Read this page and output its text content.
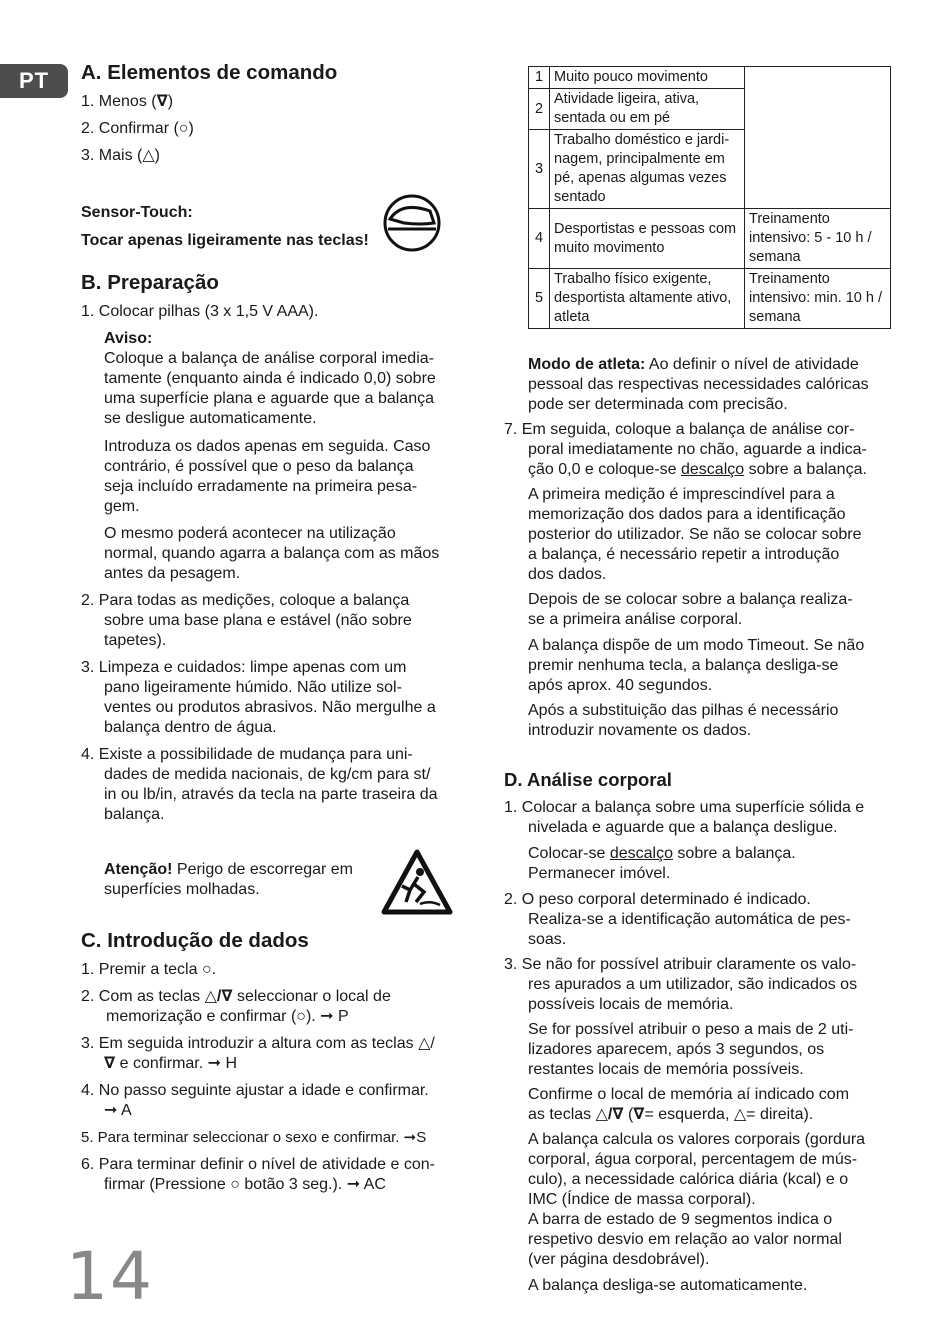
PT	A. Elementos de comando
1. Menos (∇)
2. Confirmar (○)
3. Mais (△)
Sensor-Touch:
Tocar apenas ligeiramente nas teclas!
B. Preparação
1. Colocar pilhas (3 x 1,5 V AAA).
Aviso:
Coloque a balança de análise corporal imedia-
tamente (enquanto ainda é indicado 0,0) sobre
uma superfície plana e aguarde que a balança
se desligue automaticamente.
Introduza os dados apenas em seguida. Caso
contrário, é possível que o peso da balança
seja incluído erradamente na primeira pesa-
gem.
O mesmo poderá acontecer na utilização
normal, quando agarra a balança com as mãos
antes da pesagem.
2. Para todas as medições, coloque a balança
sobre uma base plana e estável (não sobre
tapetes).
3. Limpeza e cuidados: limpe apenas com um
pano ligeiramente húmido. Não utilize sol-
ventes ou produtos abrasivos. Não mergulhe a
balança dentro de água.
4. Existe a possibilidade de mudança para uni-
dades de medida nacionais, de kg/cm para st/
in ou lb/in, através da tecla na parte traseira da
balança.
Atenção! Perigo de escorregar em
superfícies molhadas.
C. Introdução de dados
1. Premir a tecla ○.
2. Com as teclas △/∇ seleccionar o local de
memorização e confirmar (○). ➞ P
3. Em seguida introduzir a altura com as teclas △/
∇ e confirmar. ➞ H
4. No passo seguinte ajustar a idade e confirmar.
➞ A
5. Para terminar seleccionar o sexo e confirmar. ➞S
6. Para terminar definir o nível de atividade e con-
firmar (Pressione ○ botão 3 seg.). ➞ AC
14
1	Muito pouco movimento	
2	Atividade ligeira, ativa, sentada ou em pé	
3	Trabalho doméstico e jardi-nagem, principalmente em pé, apenas algumas vezes sentado	
4	Desportistas e pessoas com muito movimento	Treinamento intensivo: 5 - 10 h / semana
5	Trabalho físico exigente, desportista altamente ativo, atleta	Treinamento intensivo: min. 10 h / semana
Modo de atleta: Ao definir o nível de atividade
pessoal das respectivas necessidades calóricas
pode ser determinada com precisão.
7. Em seguida, coloque a balança de análise cor-
poral imediatamente no chão, aguarde a indica-
ção 0,0 e coloque-se descalço sobre a balança.
A primeira medição é imprescindível para a
memorização dos dados para a identificação
posterior do utilizador. Se não se colocar sobre
a balança, é necessário repetir a introdução
dos dados.
Depois de se colocar sobre a balança realiza-
se a primeira análise corporal.
A balança dispõe de um modo Timeout. Se não
premir nenhuma tecla, a balança desliga-se
após aprox. 40 segundos.
Após a substituição das pilhas é necessário
introduzir novamente os dados.
D. Análise corporal
1. Colocar a balança sobre uma superfície sólida e
nivelada e aguarde que a balança desligue.
Colocar-se descalço sobre a balança.
Permanecer imóvel.
2. O peso corporal determinado é indicado.
Realiza-se a identificação automática de pes-
soas.
3. Se não for possível atribuir claramente os valo-
res apurados a um utilizador, são indicados os
possíveis locais de memória.
Se for possível atribuir o peso a mais de 2 uti-
lizadores aparecem, após 3 segundos, os
restantes locais de memória possíveis.
Confirme o local de memória aí indicado com
as teclas △/∇ (∇= esquerda, △= direita).
A balança calcula os valores corporais (gordura
corporal, água corporal, percentagem de mús-
culo), a necessidade calórica diária (kcal) e o
IMC (Índice de massa corporal).
A barra de estado de 9 segmentos indica o
respetivo desvio em relação ao valor normal
(ver página desdobrável).
A balança desliga-se automaticamente.
